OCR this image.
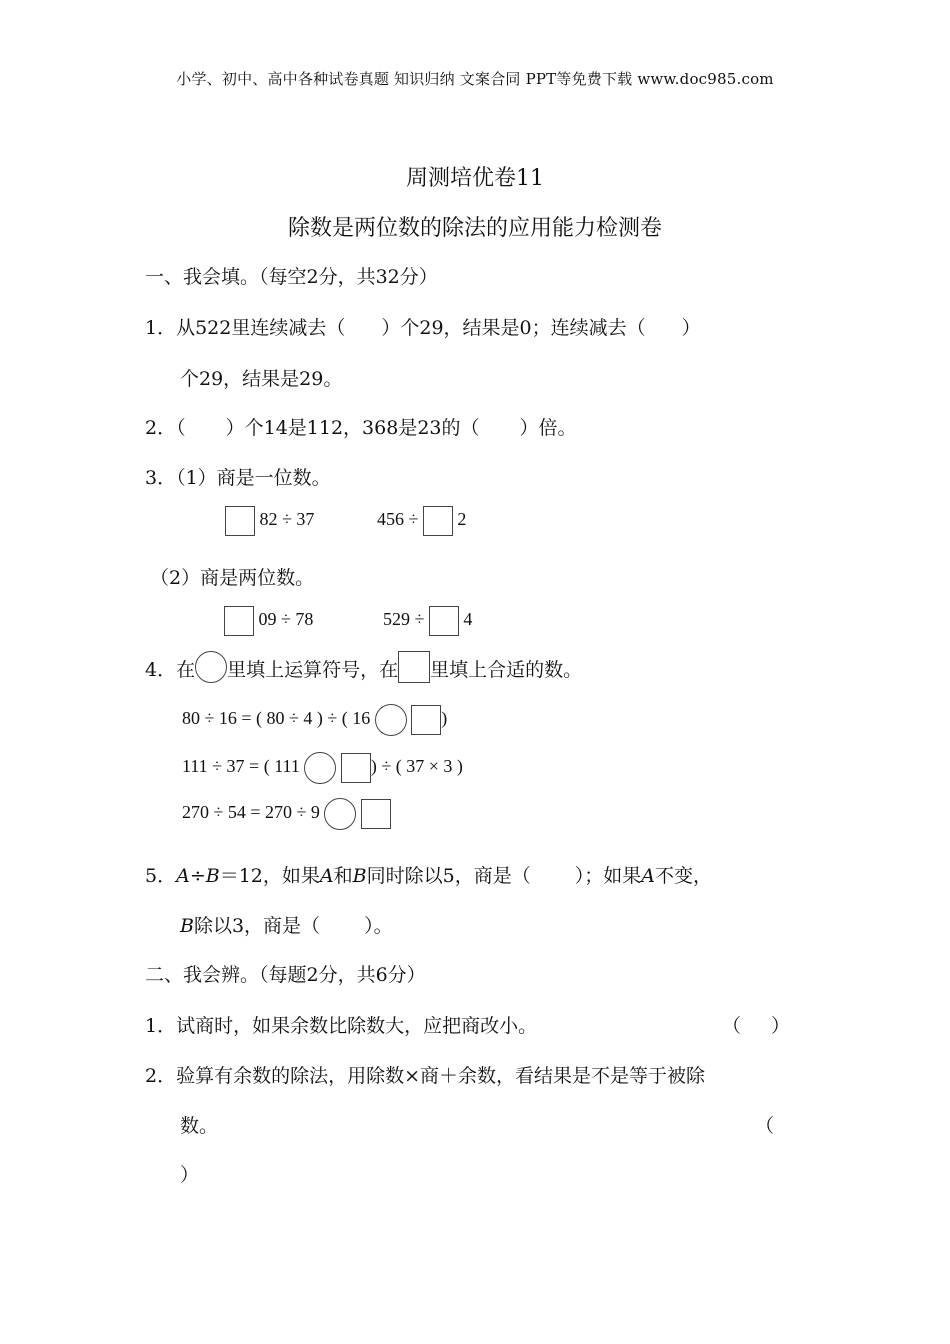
小学、初中、高中各种试卷真题 知识归纳 文案合同 PPT等免费下载 www.doc985.com
周测培优卷11
除数是两位数的除法的应用能力检测卷
一、我会填。（每空2分，共32分）
1．从522里连续减去（ ）个29，结果是0；连续减去（ ）
个29，结果是29。
2．（ ）个14是112，368是23的（ ）倍。
3．（1）商是一位数。
82 ÷ 37	456 ÷ 2
（2）商是两位数。
09 ÷ 78	529 ÷ 4
4．在 里填上运算符号，在 里填上合适的数。
80 ÷ 16 = ( 80 ÷ 4 ) ÷ ( 16	)
111 ÷ 37 = ( 111	) ÷ ( 37 × 3 )
270 ÷ 54 = 270 ÷ 9
5．A÷B＝12，如果A和B同时除以5，商是（ ）；如果A不变，
B除以3，商是（ ）。
二、我会辨。（每题2分，共6分）
1．试商时，如果余数比除数大，应把商改小。	（ ）
2．验算有余数的除法，用除数×商＋余数，看结果是不是等于被除
数。	（
）
